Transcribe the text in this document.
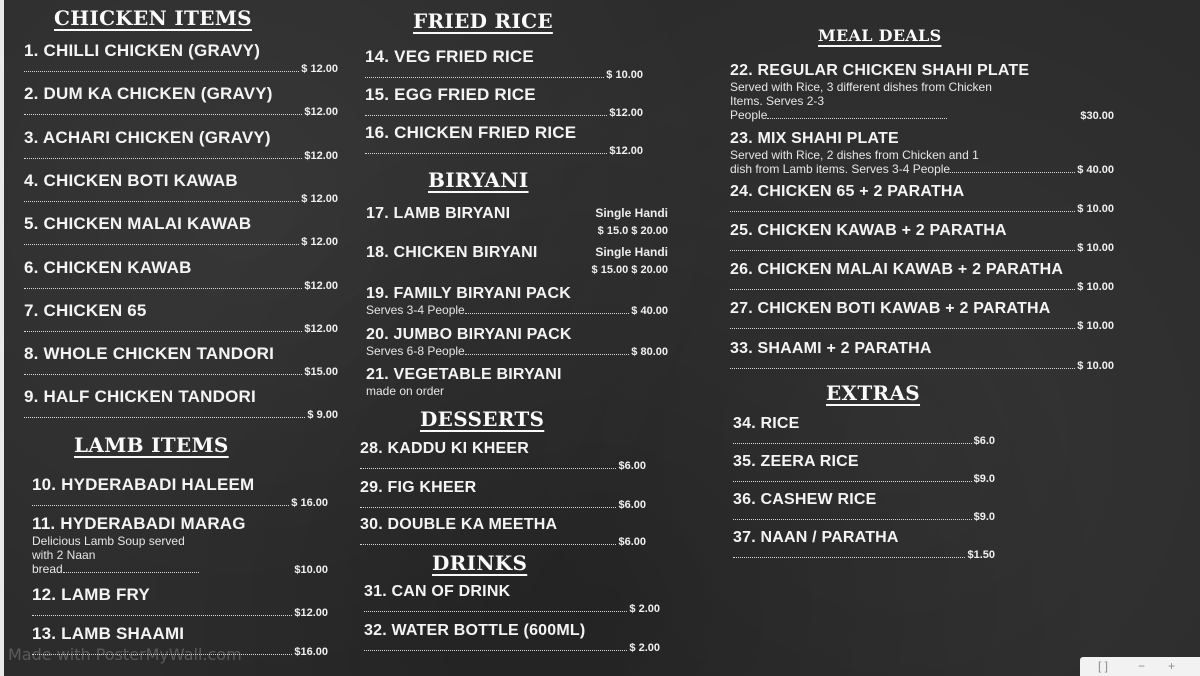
CHICKEN ITEMS
1. CHILLI CHICKEN (GRAVY)
$ 12.00
2. DUM KA CHICKEN (GRAVY)
$12.00
3. ACHARI CHICKEN (GRAVY)
$12.00
4. CHICKEN BOTI KAWAB
$ 12.00
5. CHICKEN MALAI KAWAB
$ 12.00
6. CHICKEN KAWAB
$12.00
7. CHICKEN 65
$12.00
8. WHOLE CHICKEN TANDORI
$15.00
9. HALF CHICKEN TANDORI
$ 9.00
LAMB ITEMS
10. HYDERABADI HALEEM
$ 16.00
11. HYDERABADI MARAG
Delicious Lamb Soup served
with 2 Naan
bread	$10.00
12. LAMB FRY
$12.00
13. LAMB SHAAMI
$16.00
FRIED RICE
14. VEG FRIED RICE
$ 10.00
15. EGG FRIED RICE
$12.00
16. CHICKEN FRIED RICE
$12.00
BIRYANI
17. LAMB BIRYANI	Single Handi
$ 15.0 $ 20.00
18. CHICKEN BIRYANI	Single Handi
$ 15.00 $ 20.00
19. FAMILY BIRYANI PACK
Serves 3-4 People	$ 40.00
20. JUMBO BIRYANI PACK
Serves 6-8 People	$ 80.00
21. VEGETABLE BIRYANI
made on order
DESSERTS
28. KADDU KI KHEER
$6.00
29. FIG KHEER
$6.00
30. DOUBLE KA MEETHA
$6.00
DRINKS
31. CAN OF DRINK
$ 2.00
32. WATER BOTTLE (600ML)
$ 2.00
MEAL DEALS
22. REGULAR CHICKEN SHAHI PLATE
Served with Rice, 3 different dishes from Chicken
Items. Serves 2-3
People	$30.00
23. MIX SHAHI PLATE
Served with Rice, 2 dishes from Chicken and 1
dish from Lamb items. Serves 3-4 People	$ 40.00
24. CHICKEN 65 + 2 PARATHA
$ 10.00
25. CHICKEN KAWAB + 2 PARATHA
$ 10.00
26. CHICKEN MALAI KAWAB + 2 PARATHA
$ 10.00
27. CHICKEN BOTI KAWAB + 2 PARATHA
$ 10.00
33. SHAAMI + 2 PARATHA
$ 10.00
EXTRAS
34. RICE
$6.0
35. ZEERA RICE
$9.0
36. CASHEW RICE
$9.0
37. NAAN / PARATHA
$1.50
Made with PosterMyWall.com
[ ] − +
